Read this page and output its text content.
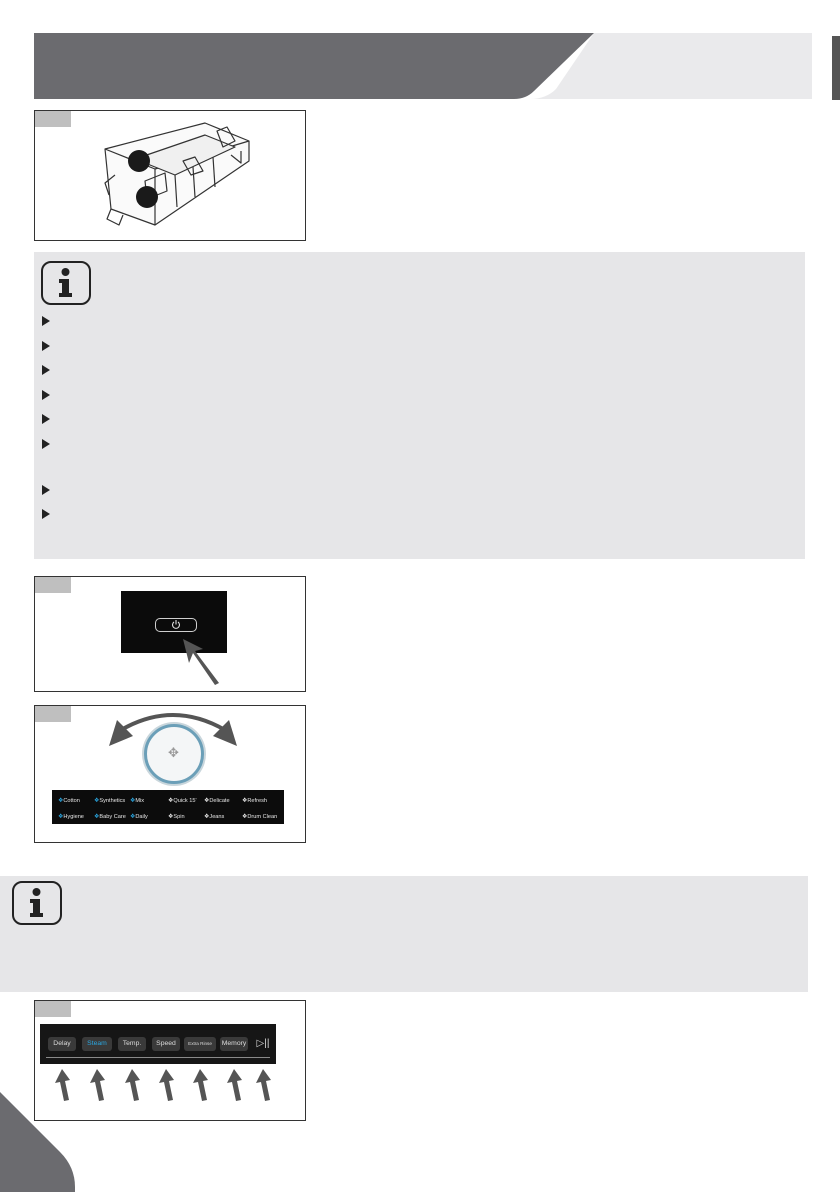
✥
❖Cotton ❖Synthetics ❖Mix	❖Quick 15' ❖Delicate ❖Refresh
❖Hygiene ❖Baby Care ❖Daily	❖Spin	❖Jeans	❖Drum Clean
Delay	Steam	Temp.	Speed	Extra Rinse	Memory ▷||
